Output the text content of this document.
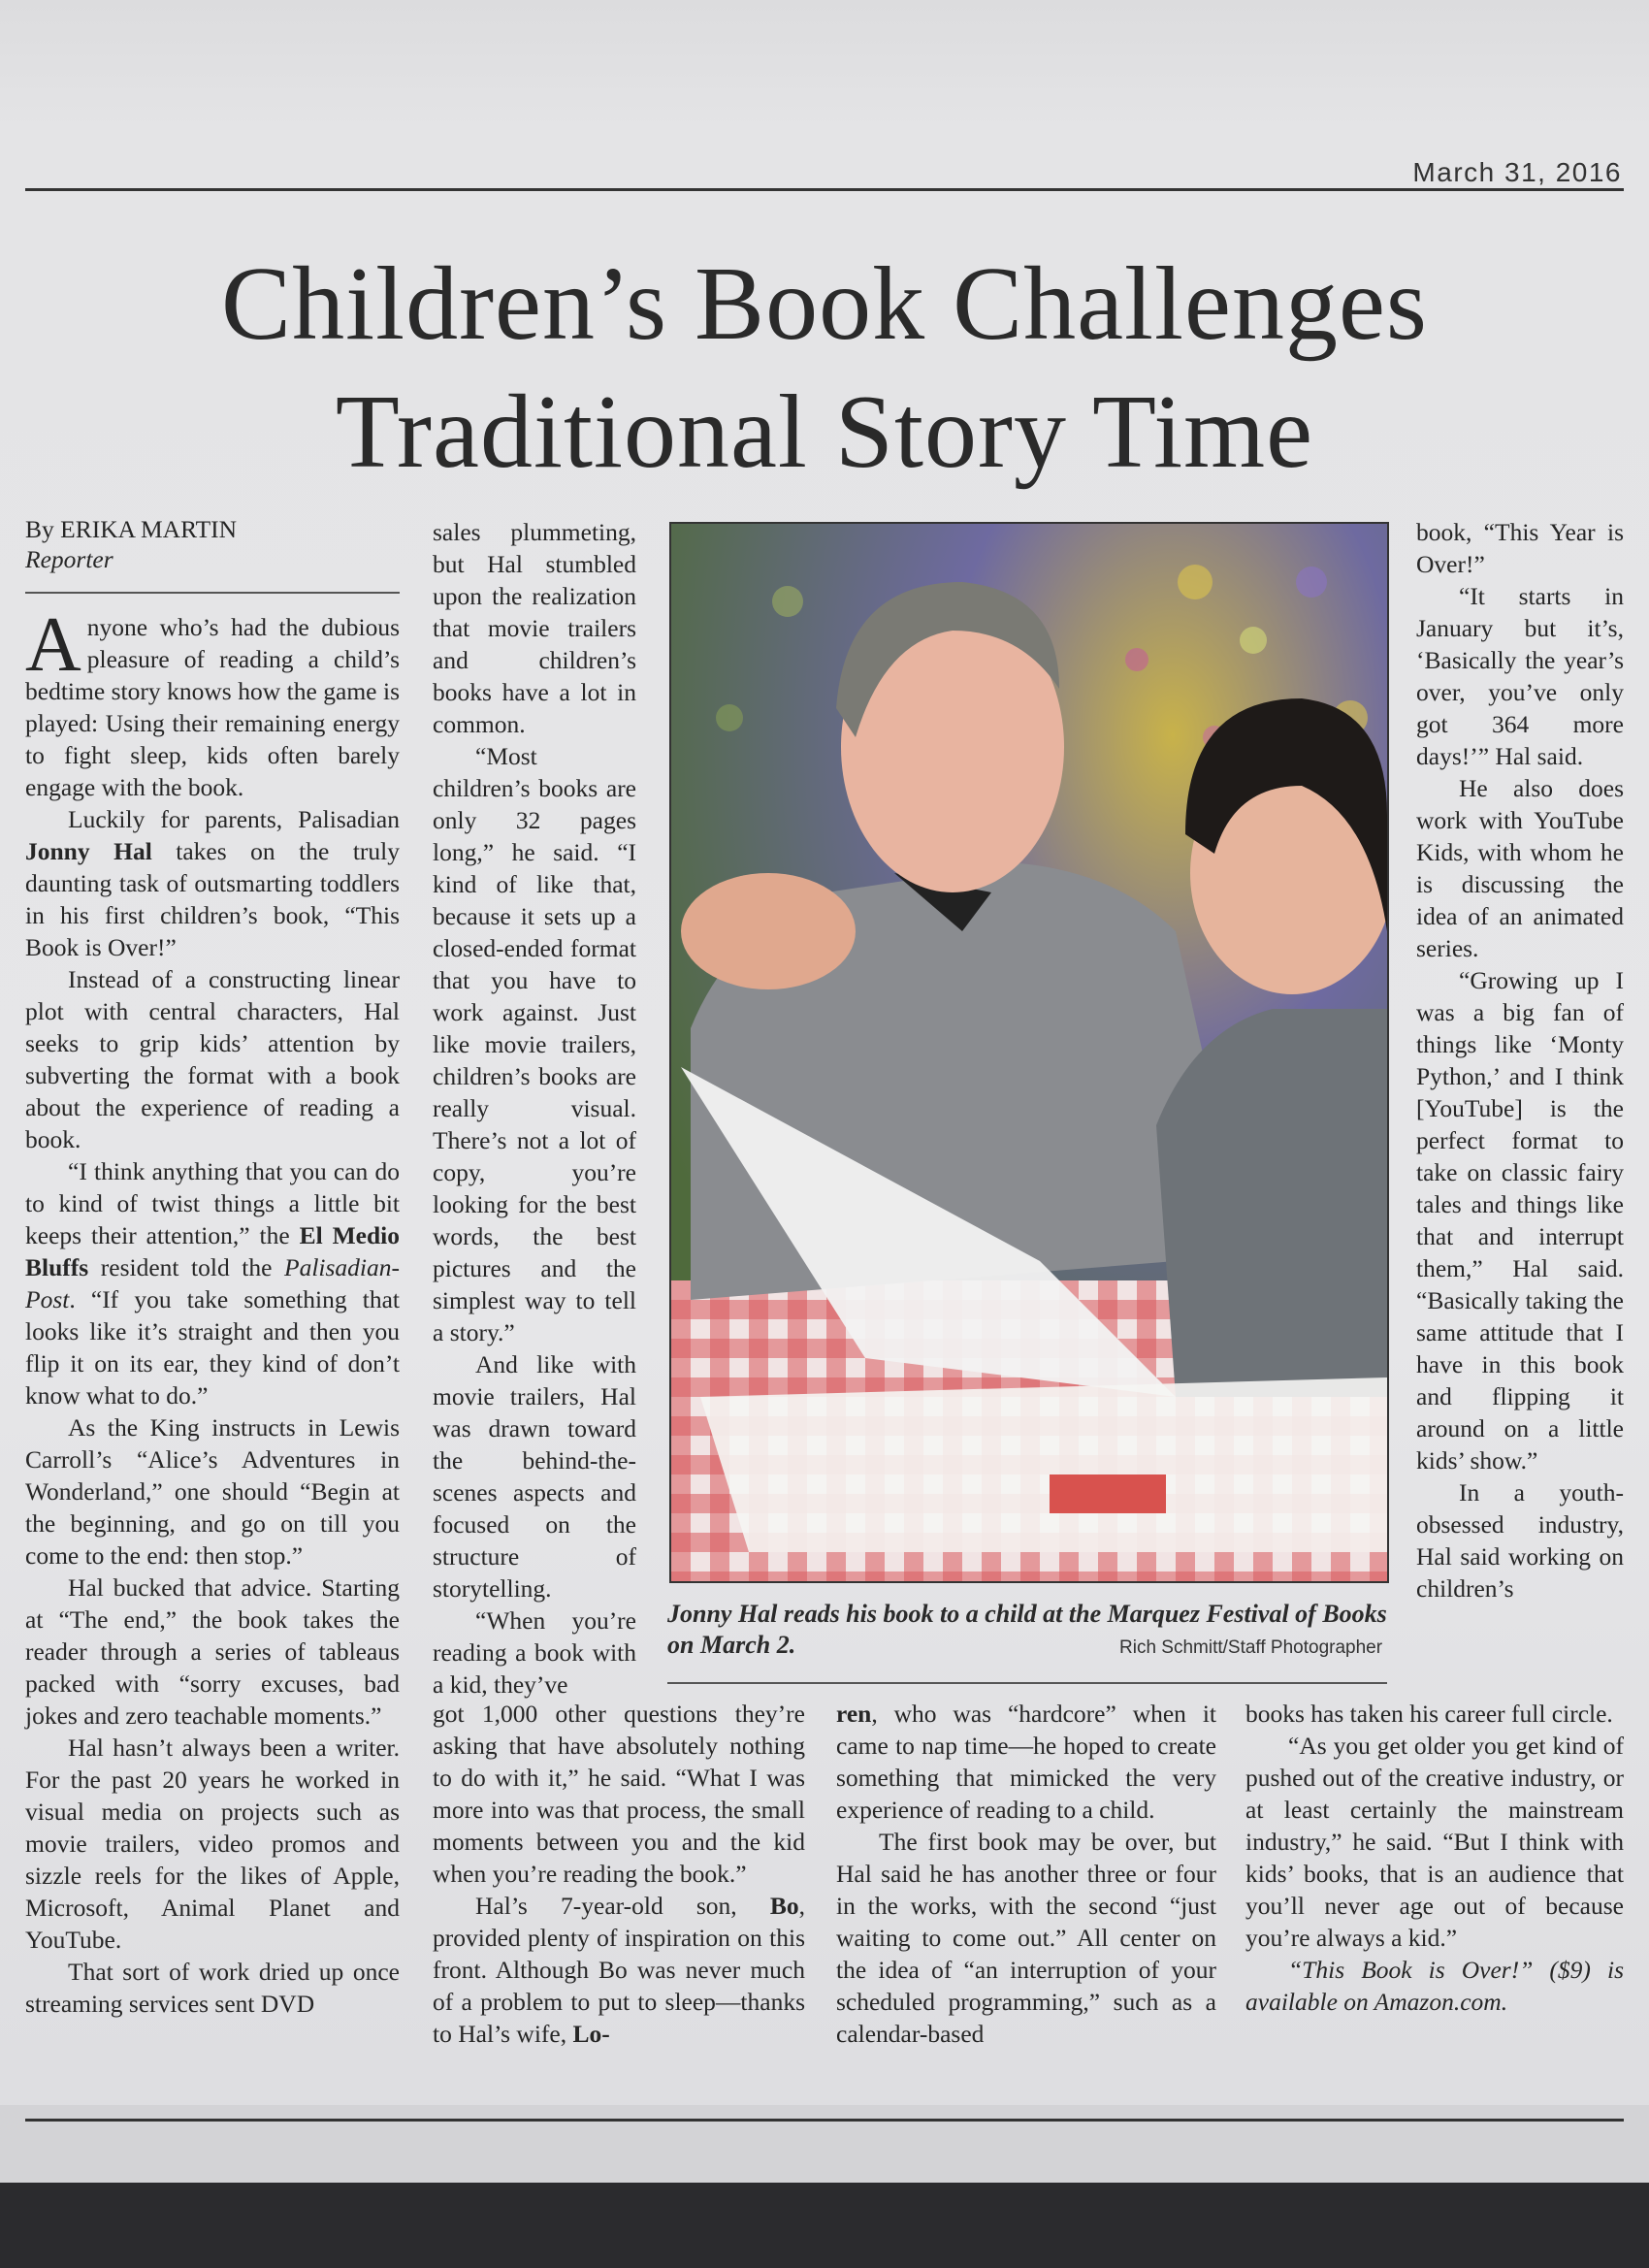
March 31, 2016
Children’s Book Challenges
Traditional Story Time
By ERIKA MARTIN
Reporter

Anyone who’s had the dubious pleasure of reading a child’s bedtime story knows how the game is played: Using their remaining energy to fight sleep, kids often barely engage with the book.

Luckily for parents, Palisadian Jonny Hal takes on the truly daunting task of outsmarting toddlers in his first children’s book, “This Book is Over!”

Instead of a constructing linear plot with central characters, Hal seeks to grip kids’ attention by subverting the format with a book about the experience of reading a book.

“I think anything that you can do to kind of twist things a little bit keeps their attention,” the El Medio Bluffs resident told the Palisadian-Post. “If you take something that looks like it’s straight and then you flip it on its ear, they kind of don’t know what to do.”

As the King instructs in Lewis Carroll’s “Alice’s Adventures in Wonderland,” one should “Begin at the beginning, and go on till you come to the end: then stop.”

Hal bucked that advice. Starting at “The end,” the book takes the reader through a series of tableaus packed with “sorry excuses, bad jokes and zero teachable moments.”

Hal hasn’t always been a writer. For the past 20 years he worked in visual media on projects such as movie trailers, video promos and sizzle reels for the likes of Apple, Microsoft, Animal Planet and YouTube.

That sort of work dried up once streaming services sent DVD

sales plummeting, but Hal stumbled upon the realization that movie trailers and children’s books have a lot in common.

“Most children’s books are only 32 pages long,” he said. “I kind of like that, because it sets up a closed-ended format that you have to work against. Just like movie trailers, children’s books are really visual. There’s not a lot of copy, you’re looking for the best words, the best pictures and the simplest way to tell a story.”

And like with movie trailers, Hal was drawn toward the behind-the-scenes aspects and focused on the structure of storytelling.

“When you’re reading a book with a kid, they’ve

Jonny Hal reads his book to a child at the Marquez Festival of Books on March 2.	Rich Schmitt/Staff Photographer

book, “This Year is Over!”

“It starts in January but it’s, ‘Basically the year’s over, you’ve only got 364 more days!’” Hal said.

He also does work with YouTube Kids, with whom he is discussing the idea of an animated series.

“Growing up I was a big fan of things like ‘Monty Python,’ and I think [YouTube] is the perfect format to take on classic fairy tales and things like that and interrupt them,” Hal said. “Basically taking the same attitude that I have in this book and flipping it around on a little kids’ show.”

In a youth-obsessed industry, Hal said working on children’s

got 1,000 other questions they’re asking that have absolutely nothing to do with it,” he said. “What I was more into was that process, the small moments between you and the kid when you’re reading the book.”

Hal’s 7-year-old son, Bo, provided plenty of inspiration on this front. Although Bo was never much of a problem to put to sleep—thanks to Hal’s wife, Lo-

ren, who was “hardcore” when it came to nap time—he hoped to create something that mimicked the very experience of reading to a child.

The first book may be over, but Hal said he has another three or four in the works, with the second “just waiting to come out.” All center on the idea of “an interruption of your scheduled programming,” such as a calendar-based

books has taken his career full circle.

“As you get older you get kind of pushed out of the creative industry, or at least certainly the mainstream industry,” he said. “But I think with kids’ books, that is an audience that you’ll never age out of because you’re always a kid.”

“This Book is Over!” ($9) is available on Amazon.com.
